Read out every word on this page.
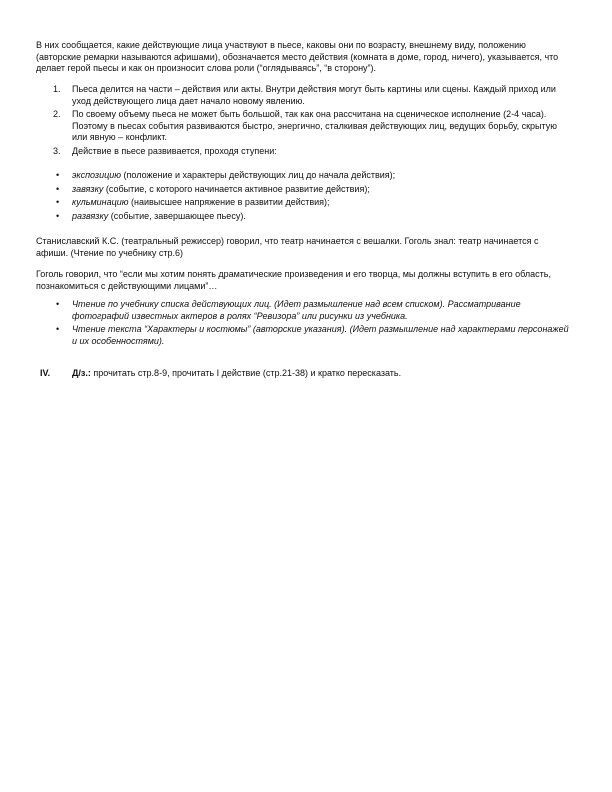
В них сообщается, какие действующие лица участвуют в пьесе, каковы они по возрасту, внешнему виду, положению (авторские ремарки называются афишами), обозначается место действия (комната в доме, город, ничего), указывается, что делает герой пьесы и как он произносит слова роли (“оглядываясь”, “в сторону”).

1. Пьеса делится на части – действия или акты. Внутри действия могут быть картины или сцены. Каждый приход или уход действующего лица дает начало новому явлению.
2. По своему объему пьеса не может быть большой, так как она рассчитана на сценическое исполнение (2-4 часа). Поэтому в пьесах события развиваются быстро, энергично, сталкивая действующих лиц, ведущих борьбу, скрытую или явную – конфликт.
3. Действие в пьесе развивается, проходя ступени:
• экспозицию (положение и характеры действующих лиц до начала действия);
• завязку (событие, с которого начинается активное развитие действия);
• кульминацию (наивысшее напряжение в развитии действия);
• развязку (событие, завершающее пьесу).

Станиславский К.С. (театральный режиссер) говорил, что театр начинается с вешалки. Гоголь знал: театр начинается с афиши. (Чтение по учебнику стр.6)

Гоголь говорил, что “если мы хотим понять драматические произведения и его творца, мы должны вступить в его область, познакомиться с действующими лицами”…

• Чтение по учебнику списка действующих лиц. (Идет размышление над всем списком). Рассматривание фотографий известных актеров в ролях “Ревизора” или рисунки из учебника.
• Чтение текста “Характеры и костюмы” (авторские указания). (Идет размышление над характерами персонажей и их особенностями).
IV.	Д/з.: прочитать стр.8-9, прочитать I действие (стр.21-38) и кратко пересказать.
